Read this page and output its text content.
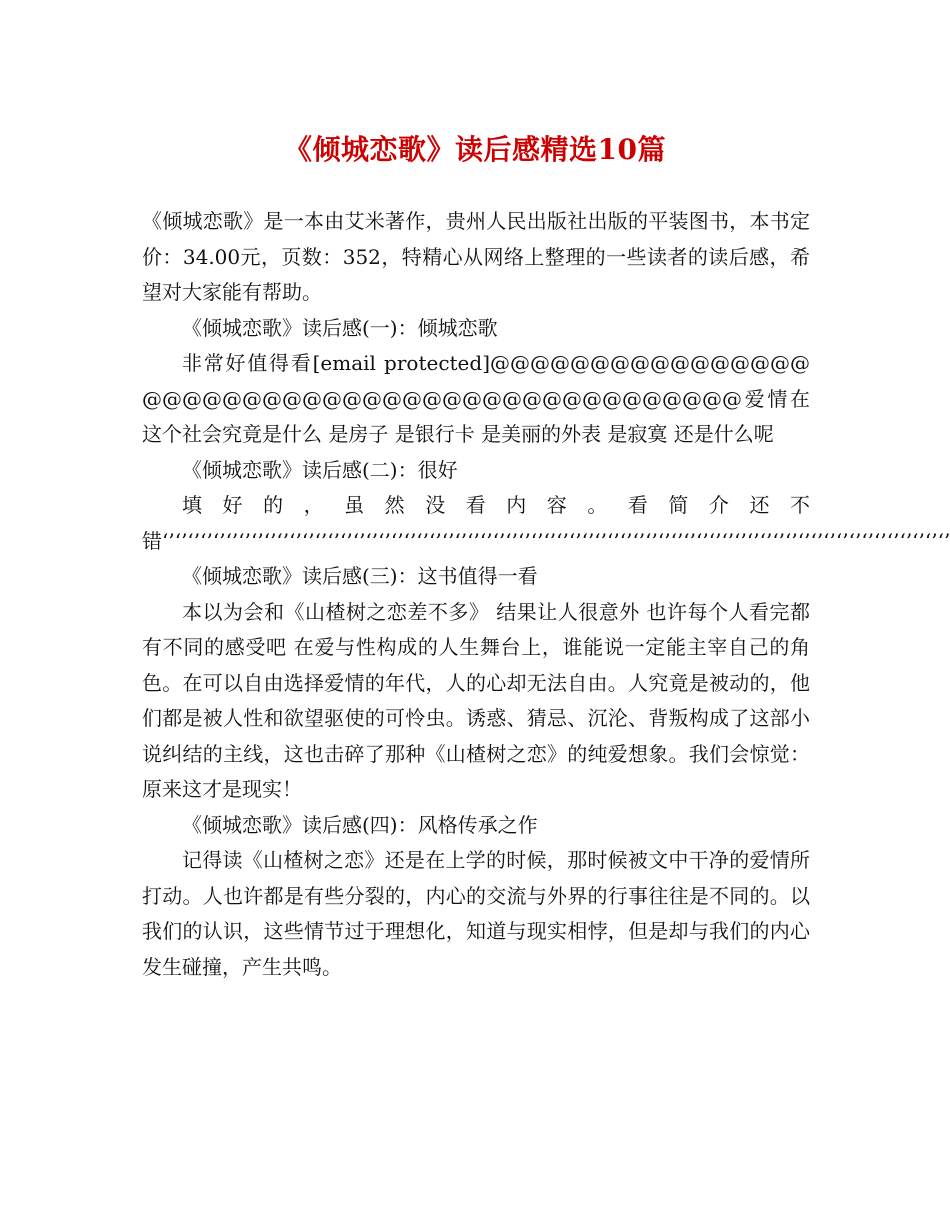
《倾城恋歌》读后感精选10篇

《倾城恋歌》是一本由艾米著作，贵州人民出版社出版的平装图书，本书定价：34.00元，页数：352，特精心从网络上整理的一些读者的读后感，希望对大家能有帮助。

《倾城恋歌》读后感(一)：倾城恋歌

非常好值得看[email protected]@@@@@@@@@@@@@@@@@@@@@@@@@@@@@@@@@@@@@@@@@@@@@@爱情在这个社会究竟是什么 是房子 是银行卡 是美丽的外表 是寂寞 还是什么呢

《倾城恋歌》读后感(二)：很好

填好的，虽然没看内容。看简介还不错‘’‘’‘’‘’‘’‘’‘’‘’‘’‘’‘’‘’‘’‘’‘’‘’‘’‘’‘’‘’‘’‘’‘’‘’‘’‘’‘’‘’‘’‘’‘’‘’‘’‘’‘’‘’‘’‘’‘’‘’‘’‘’‘’‘’‘’‘’‘’‘’‘’‘’‘’‘’‘’‘’‘’‘’‘’‘’‘’‘’‘’‘’

《倾城恋歌》读后感(三)：这书值得一看

本以为会和《山楂树之恋差不多》 结果让人很意外 也许每个人看完都有不同的感受吧 在爱与性构成的人生舞台上，谁能说一定能主宰自己的角色。在可以自由选择爱情的年代，人的心却无法自由。人究竟是被动的，他们都是被人性和欲望驱使的可怜虫。诱惑、猜忌、沉沦、背叛构成了这部小说纠结的主线，这也击碎了那种《山楂树之恋》的纯爱想象。我们会惊觉：原来这才是现实！

《倾城恋歌》读后感(四)：风格传承之作

记得读《山楂树之恋》还是在上学的时候，那时候被文中干净的爱情所打动。人也许都是有些分裂的，内心的交流与外界的行事往往是不同的。以我们的认识，这些情节过于理想化，知道与现实相悖，但是却与我们的内心发生碰撞，产生共鸣。
